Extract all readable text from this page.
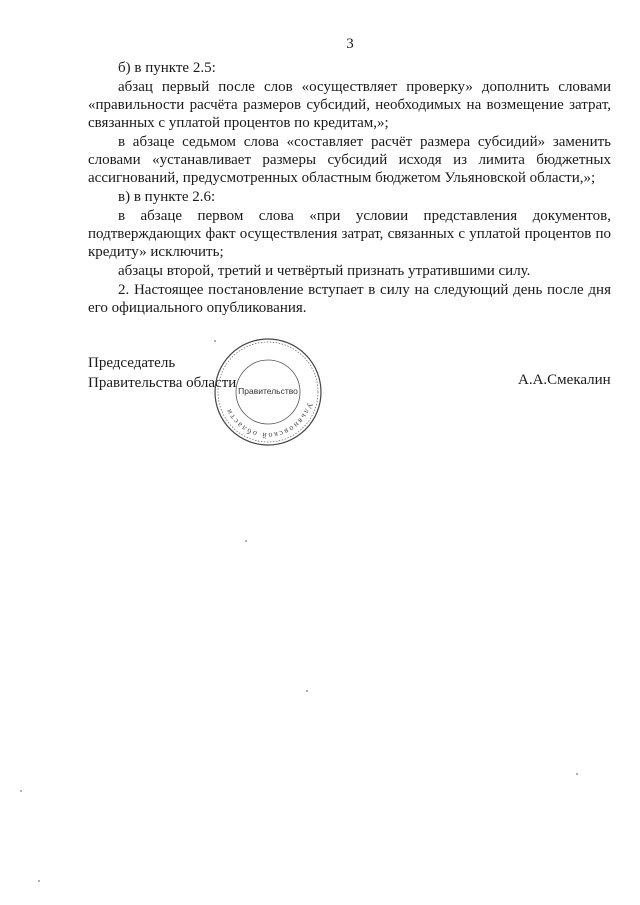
3

б) в пункте 2.5:

абзац первый после слов «осуществляет проверку» дополнить словами «правильности расчёта размеров субсидий, необходимых на возмещение затрат, связанных с уплатой процентов по кредитам,»;

в абзаце седьмом слова «составляет расчёт размера субсидий» заменить словами «устанавливает размеры субсидий исходя из лимита бюджетных ассигнований, предусмотренных областным бюджетом Ульяновской области,»;

в) в пункте 2.6:

в абзаце первом слова «при условии представления документов, подтверждающих факт осуществления затрат, связанных с уплатой процентов по кредиту» исключить;

абзацы второй, третий и четвёртый признать утратившими силу.

2. Настоящее постановление вступает в силу на следующий день после дня его официального опубликования.

Председатель
Правительства области	А.А.Смекалин
Ульяновской области
Правительство
